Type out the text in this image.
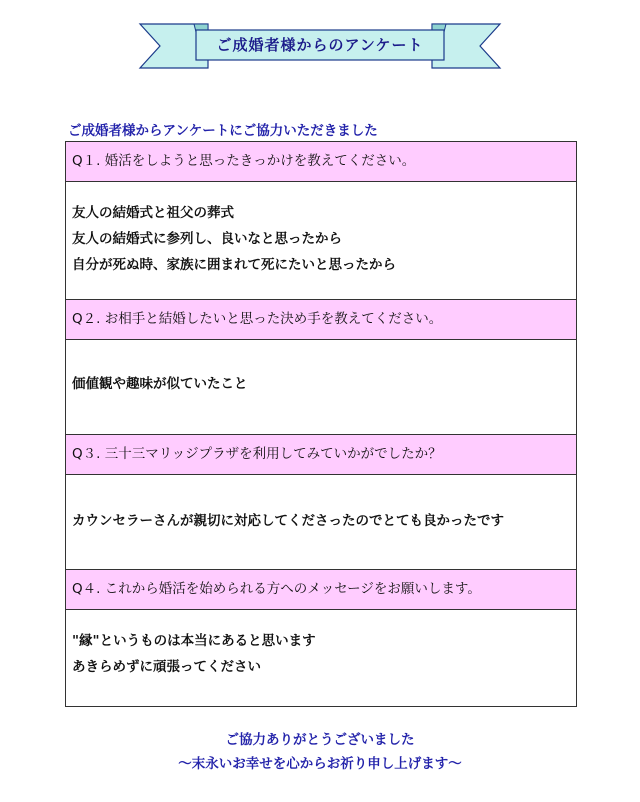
ご成婚者様からのアンケート
ご成婚者様からアンケートにご協力いただきました
Q１. 婚活をしようと思ったきっかけを教えてください。
友人の結婚式と祖父の葬式
友人の結婚式に参列し、良いなと思ったから
自分が死ぬ時、家族に囲まれて死にたいと思ったから
Q２. お相手と結婚したいと思った決め手を教えてください。
価値観や趣味が似ていたこと
Q３. 三十三マリッジプラザを利用してみていかがでしたか？
カウンセラーさんが親切に対応してくださったのでとても良かったです
Q４. これから婚活を始められる方へのメッセージをお願いします。
"縁"というものは本当にあると思います
あきらめずに頑張ってください
ご協力ありがとうございました
～末永いお幸せを心からお祈り申し上げます～
